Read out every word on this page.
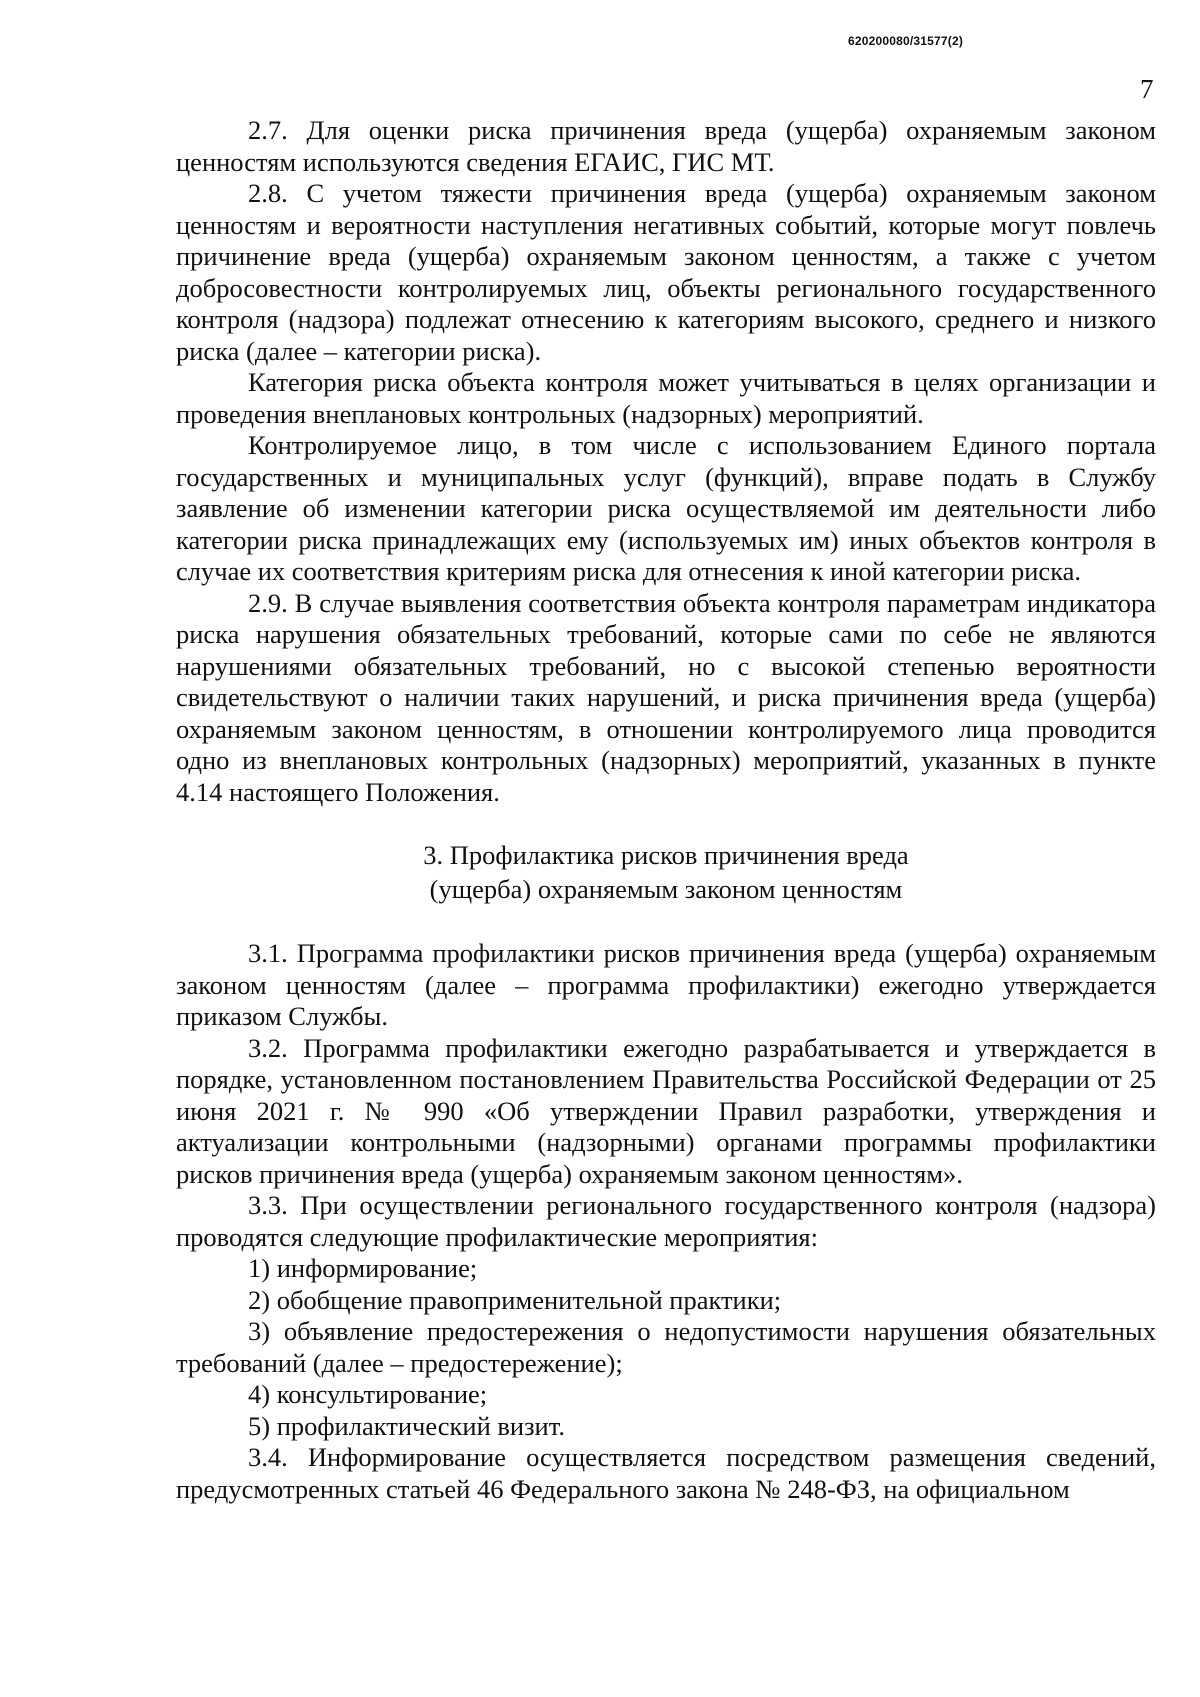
620200080/31577(2)
7

2.7. Для оценки риска причинения вреда (ущерба) охраняемым законом ценностям используются сведения ЕГАИС, ГИС МТ.

2.8. С учетом тяжести причинения вреда (ущерба) охраняемым законом ценностям и вероятности наступления негативных событий, которые могут повлечь причинение вреда (ущерба) охраняемым законом ценностям, а также с учетом добросовестности контролируемых лиц, объекты регионального государственного контроля (надзора) подлежат отнесению к категориям высокого, среднего и низкого риска (далее – категории риска).

Категория риска объекта контроля может учитываться в целях организации и проведения внеплановых контрольных (надзорных) мероприятий.

Контролируемое лицо, в том числе с использованием Единого портала государственных и муниципальных услуг (функций), вправе подать в Службу заявление об изменении категории риска осуществляемой им деятельности либо категории риска принадлежащих ему (используемых им) иных объектов контроля в случае их соответствия критериям риска для отнесения к иной категории риска.

2.9. В случае выявления соответствия объекта контроля параметрам индикатора риска нарушения обязательных требований, которые сами по себе не являются нарушениями обязательных требований, но с высокой степенью вероятности свидетельствуют о наличии таких нарушений, и риска причинения вреда (ущерба) охраняемым законом ценностям, в отношении контролируемого лица проводится одно из внеплановых контрольных (надзорных) мероприятий, указанных в пункте 4.14 настоящего Положения.

3. Профилактика рисков причинения вреда
(ущерба) охраняемым законом ценностям

3.1. Программа профилактики рисков причинения вреда (ущерба) охраняемым законом ценностям (далее – программа профилактики) ежегодно утверждается приказом Службы.

3.2. Программа профилактики ежегодно разрабатывается и утверждается в порядке, установленном постановлением Правительства Российской Федерации от 25 июня 2021 г. № 990 «Об утверждении Правил разработки, утверждения и актуализации контрольными (надзорными) органами программы профилактики рисков причинения вреда (ущерба) охраняемым законом ценностям».

3.3. При осуществлении регионального государственного контроля (надзора) проводятся следующие профилактические мероприятия:

1) информирование;

2) обобщение правоприменительной практики;

3) объявление предостережения о недопустимости нарушения обязательных требований (далее – предостережение);

4) консультирование;

5) профилактический визит.

3.4. Информирование осуществляется посредством размещения сведений, предусмотренных статьей 46 Федерального закона № 248-ФЗ, на официальном
